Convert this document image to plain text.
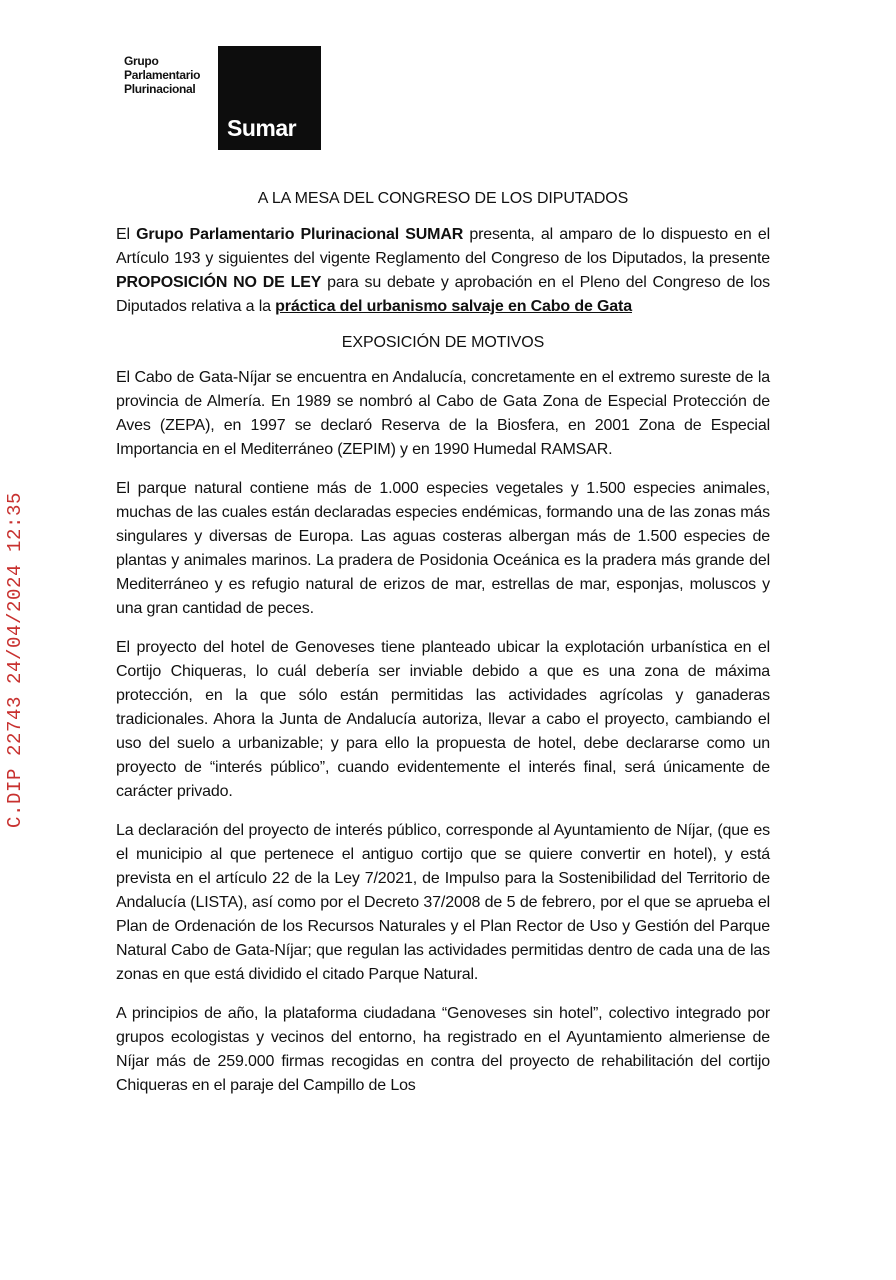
Grupo
Parlamentario
Plurinacional
Sumar
C.DIP 22743 24/04/2024 12:35
A LA MESA DEL CONGRESO DE LOS DIPUTADOS

El Grupo Parlamentario Plurinacional SUMAR presenta, al amparo de lo dispuesto en el Artículo 193 y siguientes del vigente Reglamento del Congreso de los Diputados, la presente PROPOSICIÓN NO DE LEY para su debate y aprobación en el Pleno del Congreso de los Diputados relativa a la práctica del urbanismo salvaje en Cabo de Gata

EXPOSICIÓN DE MOTIVOS

El Cabo de Gata-Níjar se encuentra en Andalucía, concretamente en el extremo sureste de la provincia de Almería. En 1989 se nombró al Cabo de Gata Zona de Especial Protección de Aves (ZEPA), en 1997 se declaró Reserva de la Biosfera, en 2001 Zona de Especial Importancia en el Mediterráneo (ZEPIM) y en 1990 Humedal RAMSAR.

El parque natural contiene más de 1.000 especies vegetales y 1.500 especies animales, muchas de las cuales están declaradas especies endémicas, formando una de las zonas más singulares y diversas de Europa. Las aguas costeras albergan más de 1.500 especies de plantas y animales marinos. La pradera de Posidonia Oceánica es la pradera más grande del Mediterráneo y es refugio natural de erizos de mar, estrellas de mar, esponjas, moluscos y una gran cantidad de peces.

El proyecto del hotel de Genoveses tiene planteado ubicar la explotación urbanística en el Cortijo Chiqueras, lo cuál debería ser inviable debido a que es una zona de máxima protección, en la que sólo están permitidas las actividades agrícolas y ganaderas tradicionales. Ahora la Junta de Andalucía autoriza, llevar a cabo el proyecto, cambiando el uso del suelo a urbanizable; y para ello la propuesta de hotel, debe declararse como un proyecto de “interés público”, cuando evidentemente el interés final, será únicamente de carácter privado.

La declaración del proyecto de interés público, corresponde al Ayuntamiento de Níjar, (que es el municipio al que pertenece el antiguo cortijo que se quiere convertir en hotel), y está prevista en el artículo 22 de la Ley 7/2021, de Impulso para la Sostenibilidad del Territorio de Andalucía (LISTA), así como por el Decreto 37/2008 de 5 de febrero, por el que se aprueba el Plan de Ordenación de los Recursos Naturales y el Plan Rector de Uso y Gestión del Parque Natural Cabo de Gata-Níjar; que regulan las actividades permitidas dentro de cada una de las zonas en que está dividido el citado Parque Natural.

A principios de año, la plataforma ciudadana “Genoveses sin hotel”, colectivo integrado por grupos ecologistas y vecinos del entorno, ha registrado en el Ayuntamiento almeriense de Níjar más de 259.000 firmas recogidas en contra del proyecto de rehabilitación del cortijo Chiqueras en el paraje del Campillo de Los
